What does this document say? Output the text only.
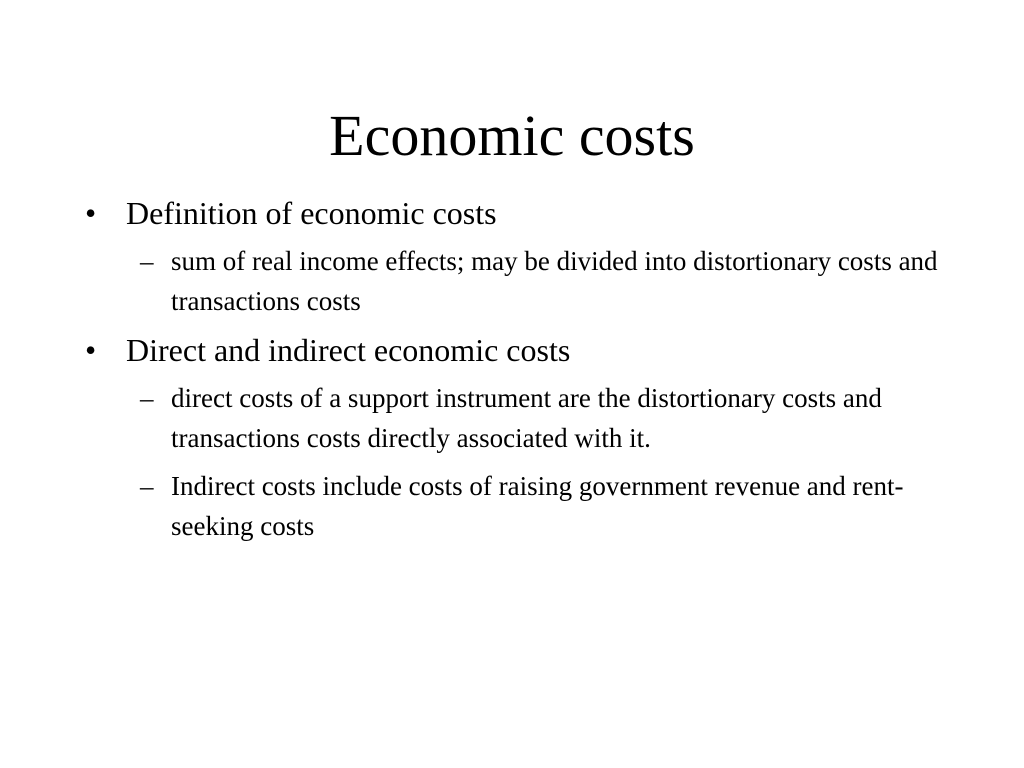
Economic costs
• Definition of economic costs
– sum of real income effects; may be divided into distortionary costs and transactions costs
• Direct and indirect economic costs
– direct costs of a support instrument are the distortionary costs and transactions costs directly associated with it.
– Indirect costs include costs of raising government revenue and rent-seeking costs
